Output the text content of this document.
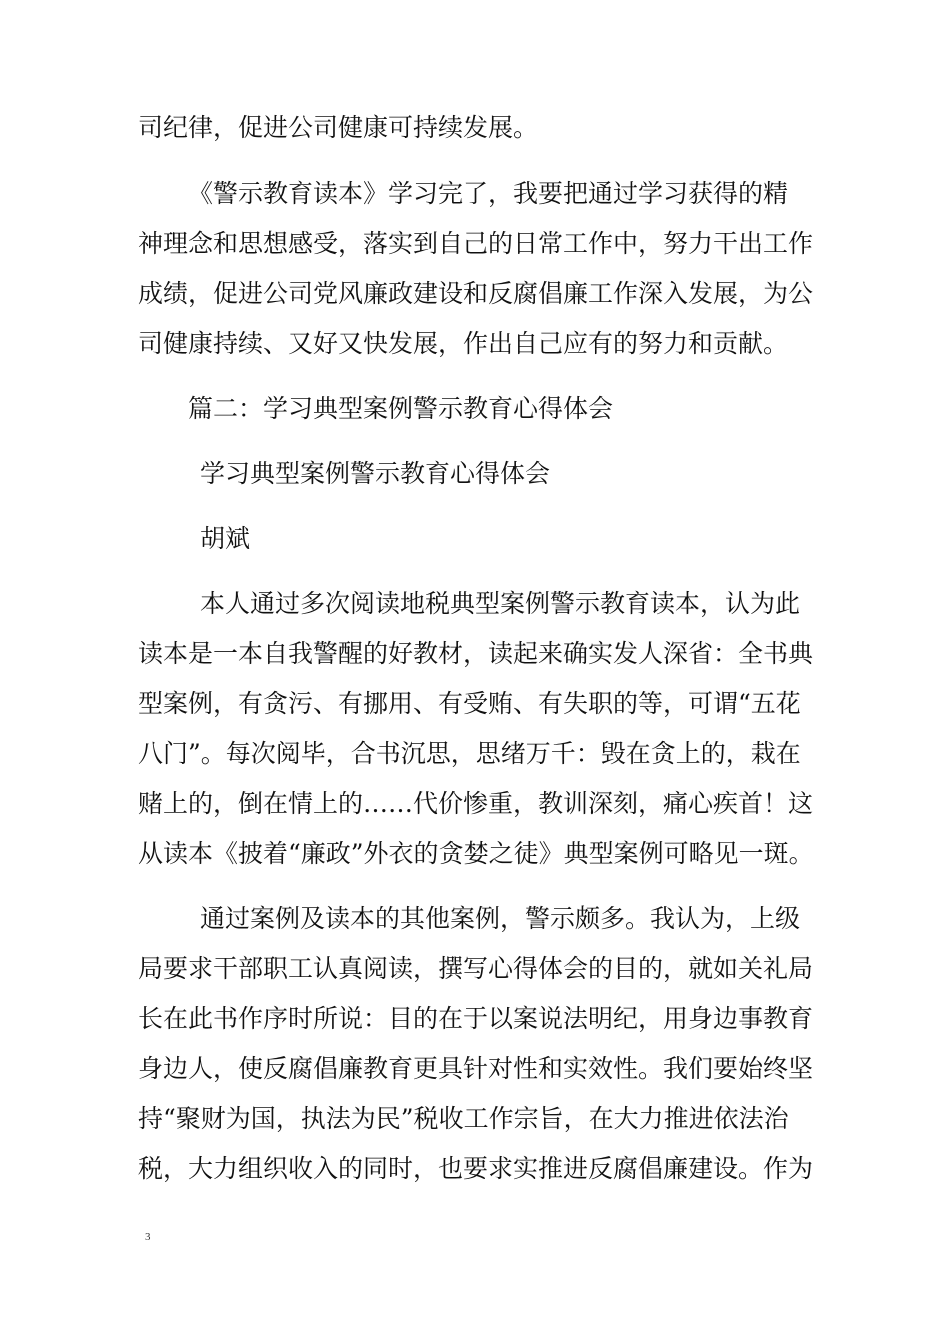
司纪律，促进公司健康可持续发展。
《警示教育读本》学习完了，我要把通过学习获得的精
神理念和思想感受，落实到自己的日常工作中，努力干出工作
成绩，促进公司党风廉政建设和反腐倡廉工作深入发展，为公
司健康持续、又好又快发展，作出自己应有的努力和贡献。
篇二：学习典型案例警示教育心得体会
学习典型案例警示教育心得体会
胡斌
本人通过多次阅读地税典型案例警示教育读本，认为此
读本是一本自我警醒的好教材，读起来确实发人深省：全书典
型案例，有贪污、有挪用、有受贿、有失职的等，可谓“五花
八门”。每次阅毕，合书沉思，思绪万千：毁在贪上的，栽在
赌上的，倒在情上的……代价惨重，教训深刻，痛心疾首！这
从读本《披着“廉政”外衣的贪婪之徒》典型案例可略见一斑。
通过案例及读本的其他案例，警示颇多。我认为，上级
局要求干部职工认真阅读，撰写心得体会的目的，就如关礼局
长在此书作序时所说：目的在于以案说法明纪，用身边事教育
身边人，使反腐倡廉教育更具针对性和实效性。我们要始终坚
持“聚财为国，执法为民”税收工作宗旨，在大力推进依法治
税，大力组织收入的同时，也要求实推进反腐倡廉建设。作为
3
